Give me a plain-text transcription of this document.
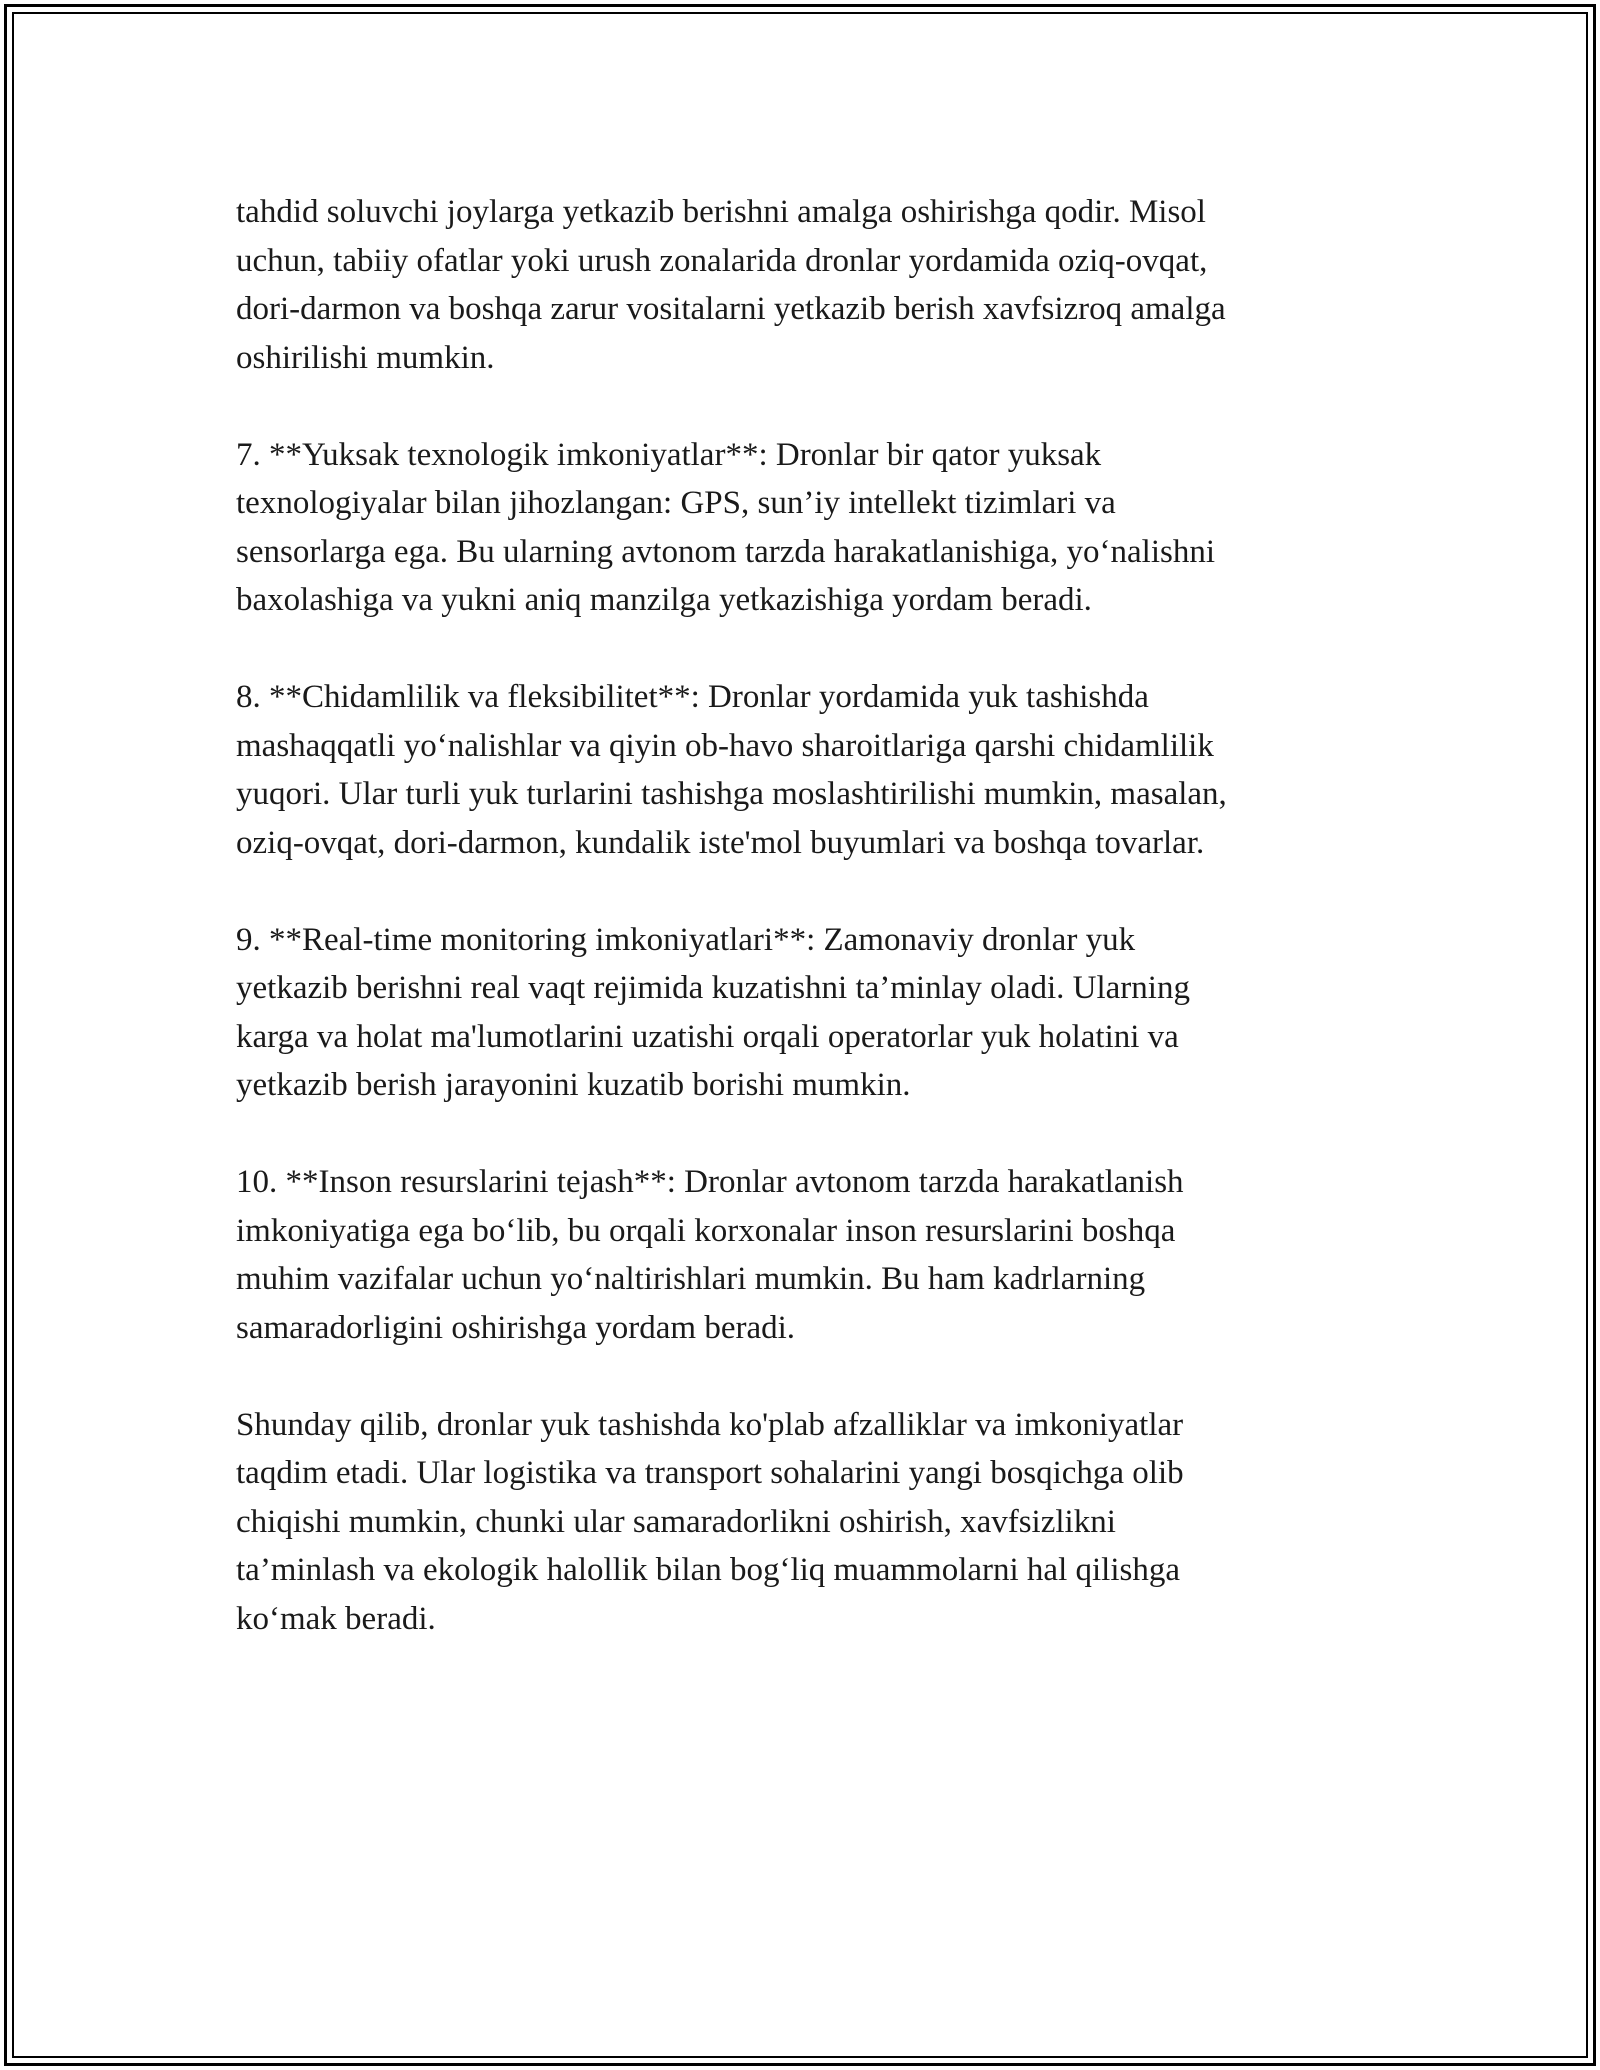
tahdid soluvchi joylarga yetkazib berishni amalga oshirishga qodir. Misol
uchun, tabiiy ofatlar yoki urush zonalarida dronlar yordamida oziq-ovqat,
dori-darmon va boshqa zarur vositalarni yetkazib berish xavfsizroq amalga
oshirilishi mumkin.

7. **Yuksak texnologik imkoniyatlar**: Dronlar bir qator yuksak
texnologiyalar bilan jihozlangan: GPS, sun’iy intellekt tizimlari va
sensorlarga ega. Bu ularning avtonom tarzda harakatlanishiga, yo‘nalishni
baxolashiga va yukni aniq manzilga yetkazishiga yordam beradi.

8. **Chidamlilik va fleksibilitet**: Dronlar yordamida yuk tashishda
mashaqqatli yo‘nalishlar va qiyin ob-havo sharoitlariga qarshi chidamlilik
yuqori. Ular turli yuk turlarini tashishga moslashtirilishi mumkin, masalan,
oziq-ovqat, dori-darmon, kundalik iste'mol buyumlari va boshqa tovarlar.

9. **Real-time monitoring imkoniyatlari**: Zamonaviy dronlar yuk
yetkazib berishni real vaqt rejimida kuzatishni ta’minlay oladi. Ularning
karga va holat ma'lumotlarini uzatishi orqali operatorlar yuk holatini va
yetkazib berish jarayonini kuzatib borishi mumkin.

10. **Inson resurslarini tejash**: Dronlar avtonom tarzda harakatlanish
imkoniyatiga ega bo‘lib, bu orqali korxonalar inson resurslarini boshqa
muhim vazifalar uchun yo‘naltirishlari mumkin. Bu ham kadrlarning
samaradorligini oshirishga yordam beradi.

Shunday qilib, dronlar yuk tashishda ko'plab afzalliklar va imkoniyatlar
taqdim etadi. Ular logistika va transport sohalarini yangi bosqichga olib
chiqishi mumkin, chunki ular samaradorlikni oshirish, xavfsizlikni
ta’minlash va ekologik halollik bilan bog‘liq muammolarni hal qilishga
ko‘mak beradi.
